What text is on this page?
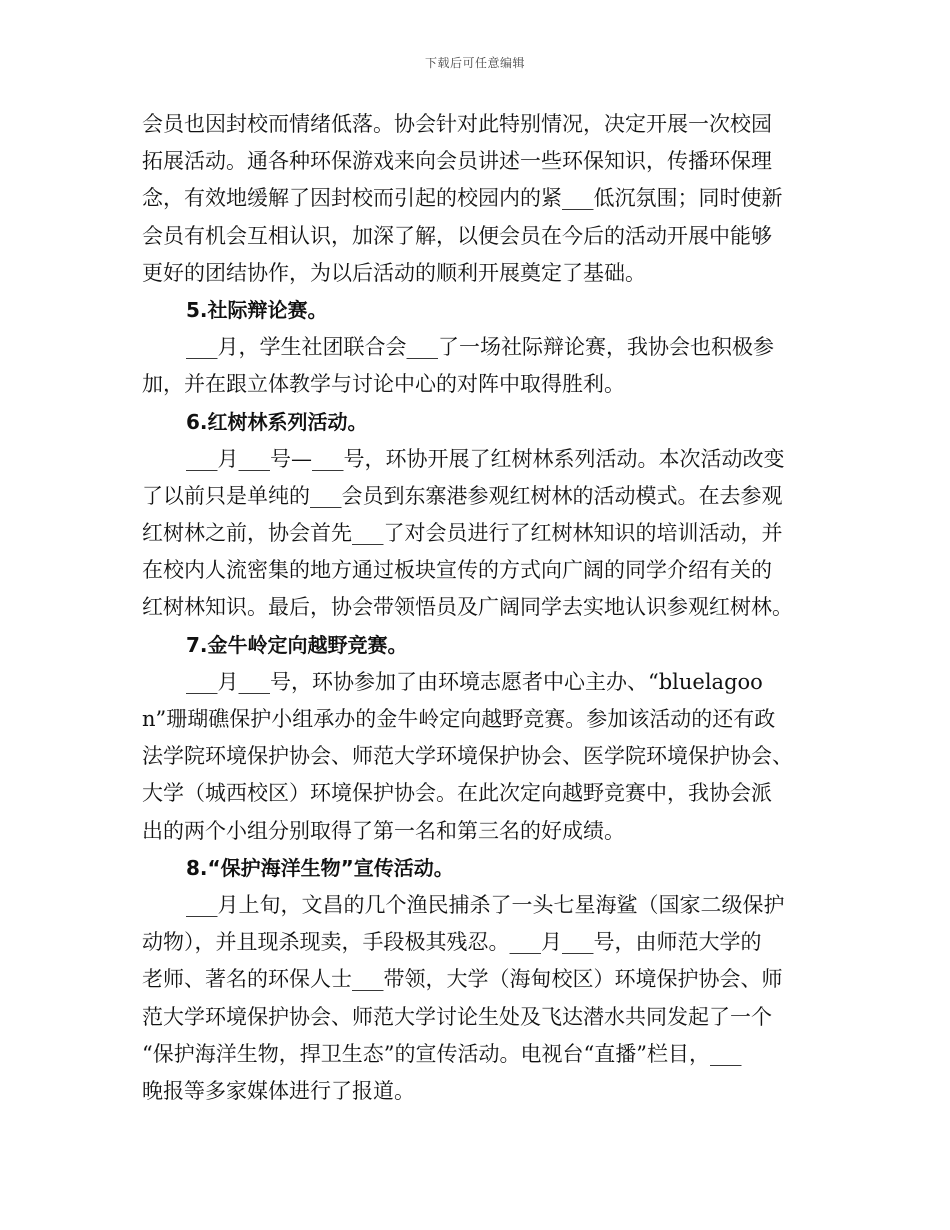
下载后可任意编辑
会员也因封校而情绪低落。协会针对此特别情况，决定开展一次校园
拓展活动。通各种环保游戏来向会员讲述一些环保知识，传播环保理
念，有效地缓解了因封校而引起的校园内的紧___低沉氛围；同时使新
会员有机会互相认识，加深了解，以便会员在今后的活动开展中能够
更好的团结协作，为以后活动的顺利开展奠定了基础。
5.社际辩论赛。
___月，学生社团联合会___了一场社际辩论赛，我协会也积极参
加，并在跟立体教学与讨论中心的对阵中取得胜利。
6.红树林系列活动。
___月___号—___号，环协开展了红树林系列活动。本次活动改变
了以前只是单纯的___会员到东寨港参观红树林的活动模式。在去参观
红树林之前，协会首先___了对会员进行了红树林知识的培训活动，并
在校内人流密集的地方通过板块宣传的方式向广阔的同学介绍有关的
红树林知识。最后，协会带领悟员及广阔同学去实地认识参观红树林。
7.金牛岭定向越野竞赛。
___月___号，环协参加了由环境志愿者中心主办、“bluelagoo
n”珊瑚礁保护小组承办的金牛岭定向越野竞赛。参加该活动的还有政
法学院环境保护协会、师范大学环境保护协会、医学院环境保护协会、
大学（城西校区）环境保护协会。在此次定向越野竞赛中，我协会派
出的两个小组分别取得了第一名和第三名的好成绩。
8.“保护海洋生物”宣传活动。
___月上旬，文昌的几个渔民捕杀了一头七星海鲨（国家二级保护
动物），并且现杀现卖，手段极其残忍。___月___号，由师范大学的
老师、著名的环保人士___带领，大学（海甸校区）环境保护协会、师
范大学环境保护协会、师范大学讨论生处及飞达潜水共同发起了一个
“保护海洋生物，捍卫生态”的宣传活动。电视台“直播”栏目，___
晚报等多家媒体进行了报道。
